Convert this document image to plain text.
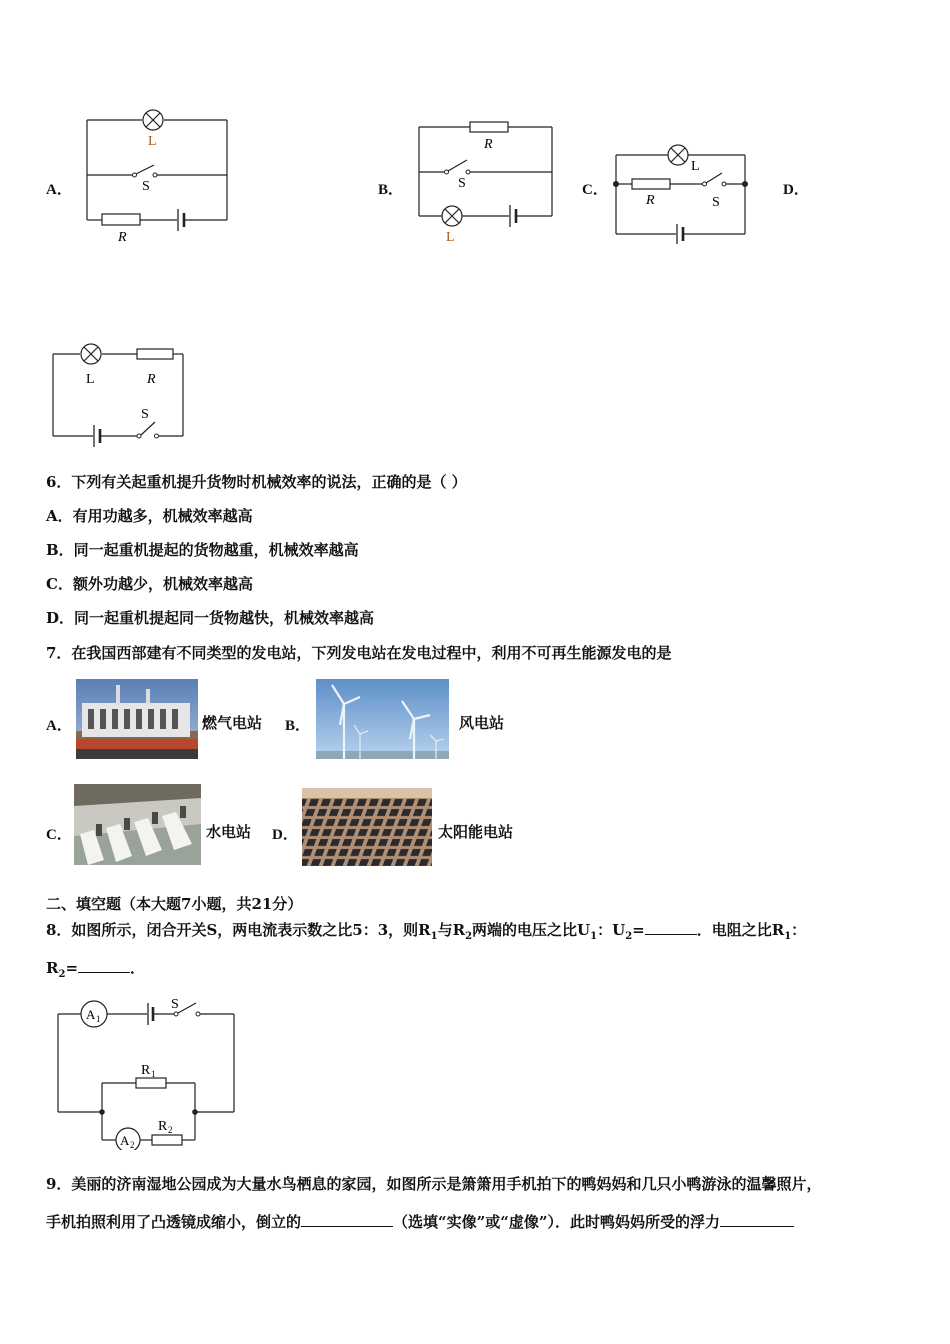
A．	B．	C．	D．
L
S
R
R
S
L
L
R	S
L	R
S
6．下列有关起重机提升货物时机械效率的说法，正确的是（ ）
A．有用功越多，机械效率越高
B．同一起重机提起的货物越重，机械效率越高
C．额外功越少，机械效率越高
D．同一起重机提起同一货物越快，机械效率越高
7．在我国西部建有不同类型的发电站，下列发电站在发电过程中，利用不可再生能源发电的是
A．	燃气电站 B．	风电站
C．	水电站 D．	太阳能电站
二、填空题（本大题7小题，共21分）
8．如图所示，闭合开关S，两电流表示数之比5：3，则$R_1$与$R_2$两端的电压之比$U_1$：$U_2=$	．电阻之比$R_1$：
$R_2=$	．
A 1
A 2
S
R 1
R 2
9．美丽的济南湿地公园成为大量水鸟栖息的家园，如图所示是箫箫用手机拍下的鸭妈妈和几只小鸭游泳的温馨照片，
手机拍照利用了凸透镜成缩小，倒立的	（选填“实像”或“虚像”）．此时鸭妈妈所受的浮力
